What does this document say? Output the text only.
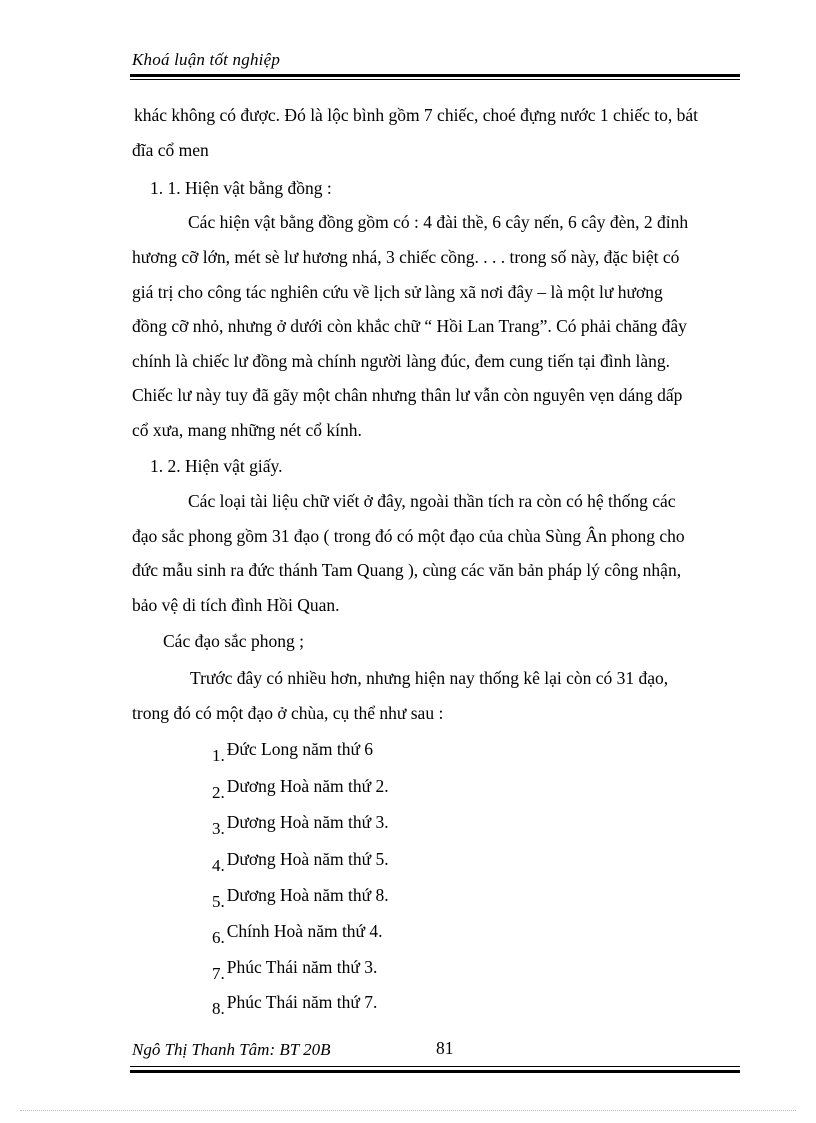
Khoá luận tốt nghiệp
khác không có được. Đó là lộc bình gồm 7 chiếc, choé đựng nước 1 chiếc to, bát
đĩa cổ men
1. 1. Hiện vật bằng đồng :
Các hiện vật bằng đồng gồm có : 4 đài thề, 6 cây nến, 6 cây đèn, 2 đỉnh
hương cỡ lớn, mét sè lư hương nhá, 3 chiếc cồng. . . . trong số này, đặc biệt có
giá trị cho công tác nghiên cứu về lịch sử làng xã nơi đây – là một lư hương
đồng cỡ nhỏ, nhưng ở dưới còn khắc chữ “ Hồi Lan Trang”. Có phải chăng đây
chính là chiếc lư đồng mà chính người làng đúc, đem cung tiến tại đình làng.
Chiếc lư này tuy đã gãy một chân nhưng thân lư vẫn còn nguyên vẹn dáng dấp
cổ xưa, mang những nét cổ kính.
1. 2. Hiện vật giấy.
Các loại tài liệu chữ viết ở đây, ngoài thần tích ra còn có hệ thống các
đạo sắc phong gồm 31 đạo ( trong đó có một đạo của chùa Sùng Ân phong cho
đức mẫu sinh ra đức thánh Tam Quang ), cùng các văn bản pháp lý công nhận,
bảo vệ di tích đình Hồi Quan.
Các đạo sắc phong ;
Trước đây có nhiều hơn, nhưng hiện nay thống kê lại còn có 31 đạo,
trong đó có một đạo ở chùa, cụ thể như sau :
1. Đức Long năm thứ 6
2. Dương Hoà năm thứ 2.
3. Dương Hoà năm thứ 3.
4. Dương Hoà năm thứ 5.
5. Dương Hoà năm thứ 8.
6. Chính Hoà năm thứ 4.
7. Phúc Thái năm thứ 3.
8. Phúc Thái năm thứ 7.
Ngô Thị Thanh Tâm: BT 20B	81
